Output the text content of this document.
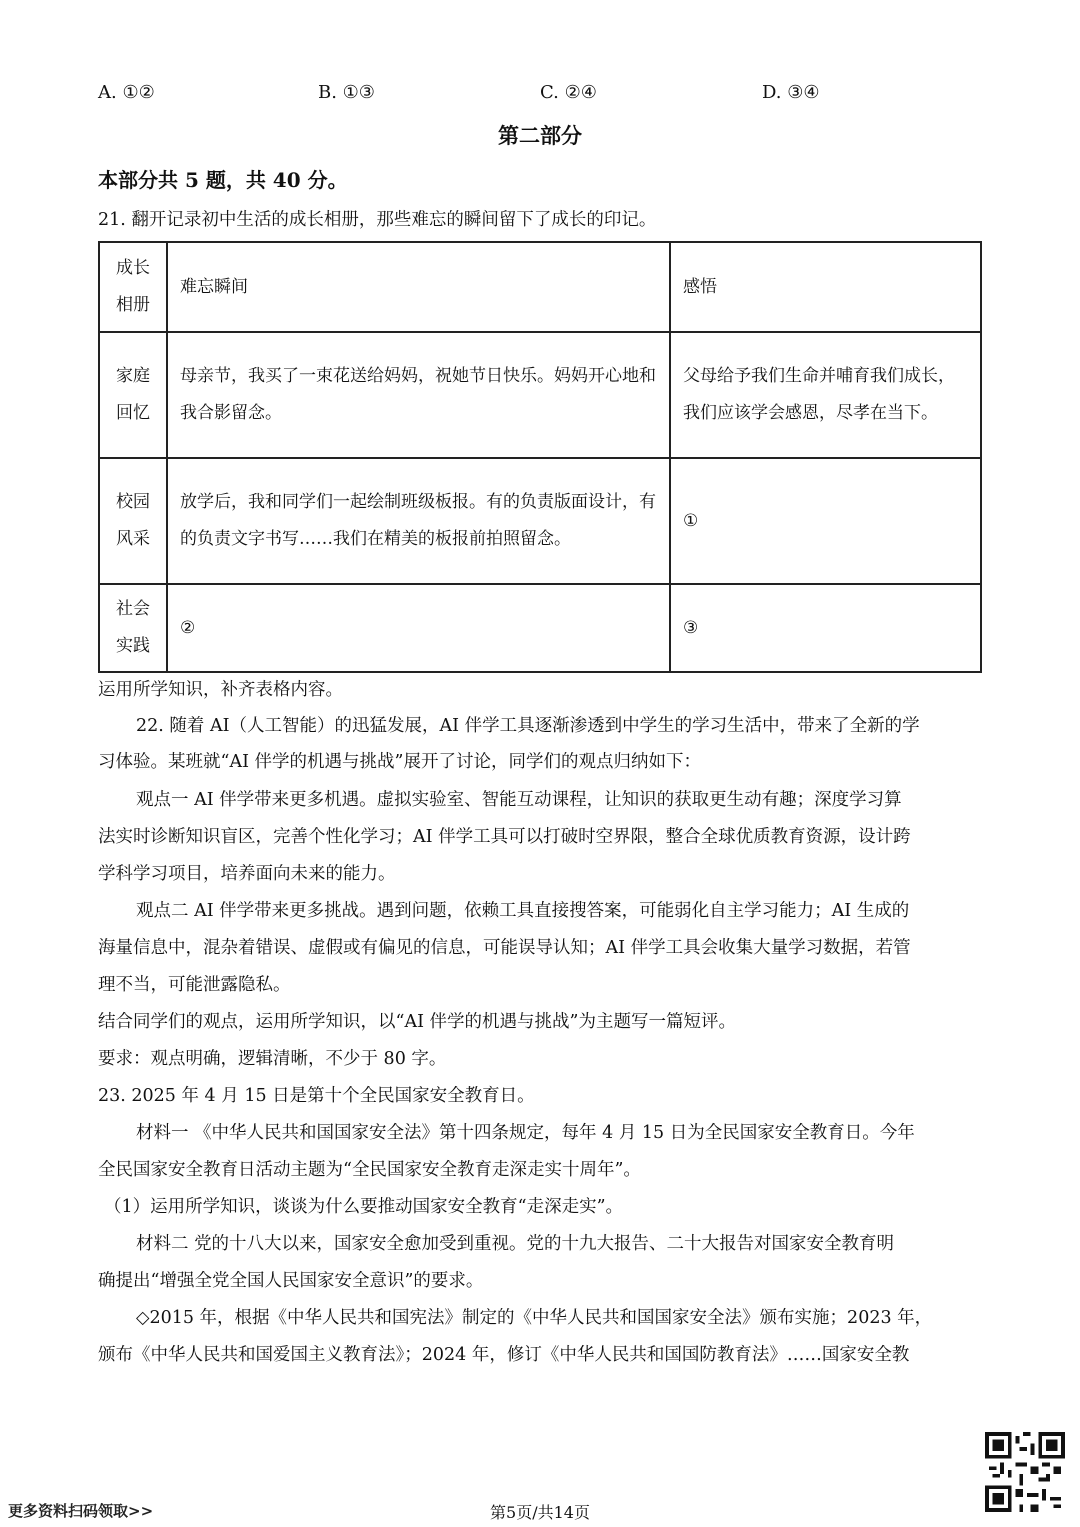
A. ①②	B. ①③	C. ②④	D. ③④
第二部分
本部分共 5 题，共 40 分。
21. 翻开记录初中生活的成长相册，那些难忘的瞬间留下了成长的印记。
成长相册	难忘瞬间	感悟
家庭回忆	母亲节，我买了一束花送给妈妈，祝她节日快乐。妈妈开心地和我合影留念。	父母给予我们生命并哺育我们成长，我们应该学会感恩，尽孝在当下。
校园风采	放学后，我和同学们一起绘制班级板报。有的负责版面设计，有的负责文字书写……我们在精美的板报前拍照留念。	①
社会实践	②	③
运用所学知识，补齐表格内容。
22. 随着 AI（人工智能）的迅猛发展，AI 伴学工具逐渐渗透到中学生的学习生活中，带来了全新的学
习体验。某班就“AI 伴学的机遇与挑战”展开了讨论，同学们的观点归纳如下：
观点一 AI 伴学带来更多机遇。虚拟实验室、智能互动课程，让知识的获取更生动有趣；深度学习算
法实时诊断知识盲区，完善个性化学习；AI 伴学工具可以打破时空界限，整合全球优质教育资源，设计跨
学科学习项目，培养面向未来的能力。
观点二 AI 伴学带来更多挑战。遇到问题，依赖工具直接搜答案，可能弱化自主学习能力；AI 生成的
海量信息中，混杂着错误、虚假或有偏见的信息，可能误导认知；AI 伴学工具会收集大量学习数据，若管
理不当，可能泄露隐私。
结合同学们的观点，运用所学知识，以“AI 伴学的机遇与挑战”为主题写一篇短评。
要求：观点明确，逻辑清晰，不少于 80 字。
23. 2025 年 4 月 15 日是第十个全民国家安全教育日。
材料一 《中华人民共和国国家安全法》第十四条规定，每年 4 月 15 日为全民国家安全教育日。今年
全民国家安全教育日活动主题为“全民国家安全教育走深走实十周年”。
（1）运用所学知识，谈谈为什么要推动国家安全教育“走深走实”。
材料二 党的十八大以来，国家安全愈加受到重视。党的十九大报告、二十大报告对国家安全教育明
确提出“增强全党全国人民国家安全意识”的要求。
◇2015 年，根据《中华人民共和国宪法》制定的《中华人民共和国国家安全法》颁布实施；2023 年，
颁布《中华人民共和国爱国主义教育法》；2024 年，修订《中华人民共和国国防教育法》……国家安全教
更多资料扫码领取>>	第5页/共14页
